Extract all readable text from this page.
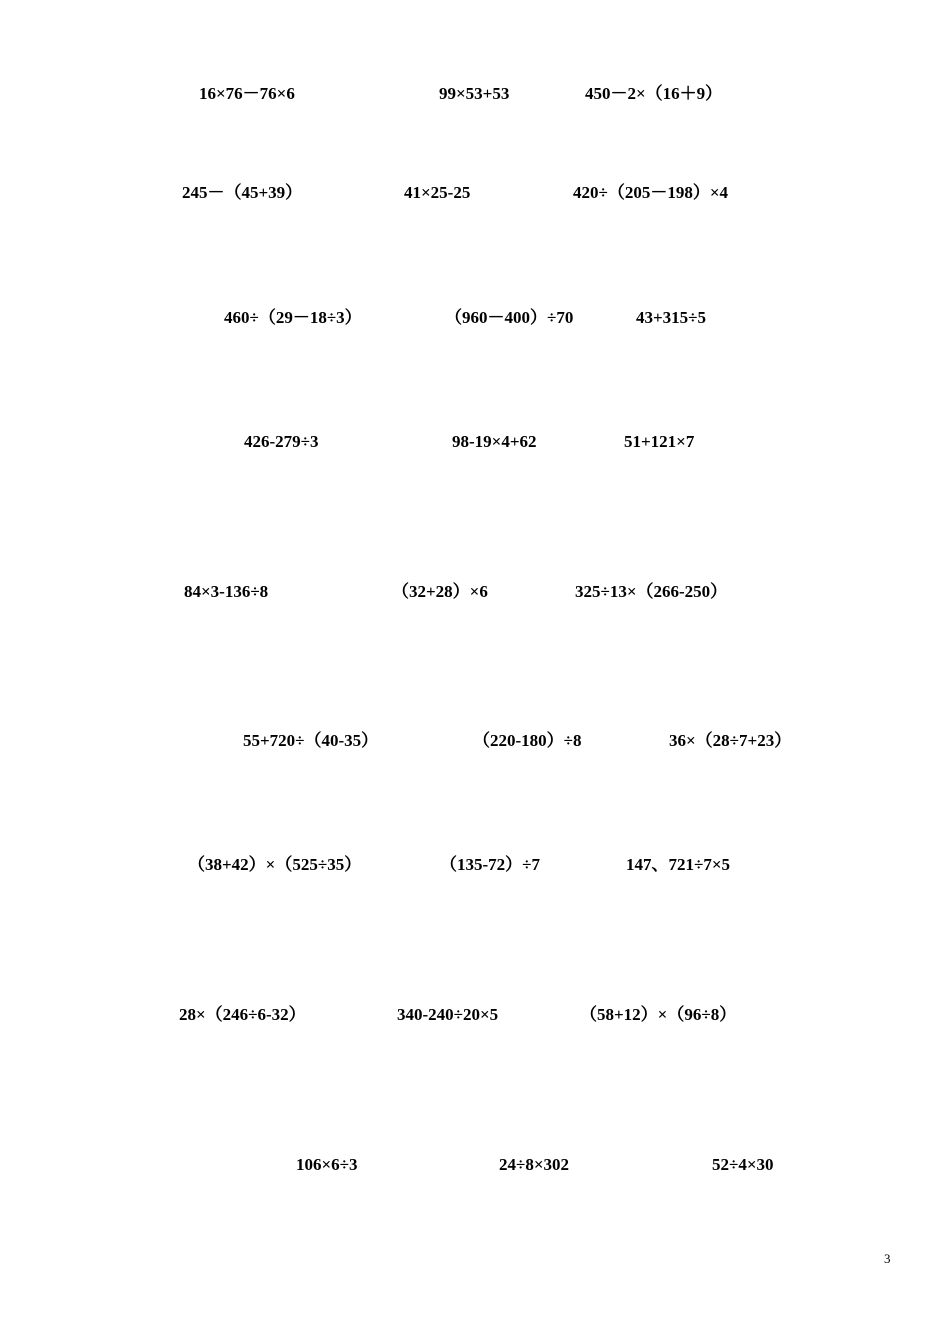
16×76－76×6	99×53+53	450－2×（16＋9）
245－（45+39）	41×25-25	420÷（205－198）×4
460÷（29－18÷3）	（960－400）÷70	43+315÷5
426-279÷3	98-19×4+62	51+121×7
84×3-136÷8	（32+28）×6	325÷13×（266-250）
55+720÷（40-35）	（220-180）÷8	36×（28÷7+23）
（38+42）×（525÷35）	（135-72）÷7	147、721÷7×5
28×（246÷6-32）	340-240÷20×5	（58+12）×（96÷8）
106×6÷3	24÷8×302	52÷4×30
3
